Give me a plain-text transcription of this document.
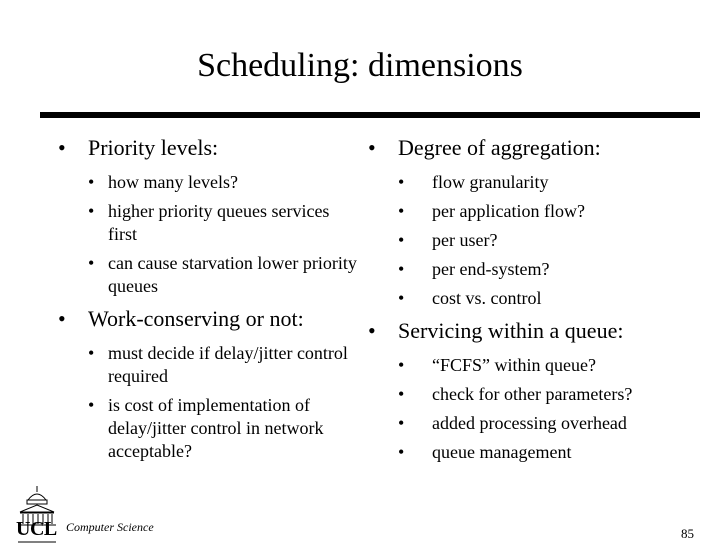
Scheduling: dimensions
•	Priority levels:
• how many levels?
• higher priority queues services first
• can cause starvation lower priority queues
•	Work-conserving or not:
• must decide if delay/jitter control required
• is cost of implementation of delay/jitter control in network acceptable?
•	Degree of aggregation:
•	flow granularity
•	per application flow?
•	per user?
•	per end-system?
•	cost vs. control
•	Servicing within a queue:
•	“FCFS” within queue?
•	check for other parameters?
•	added processing overhead
•	queue management
UCL Computer Science	85
